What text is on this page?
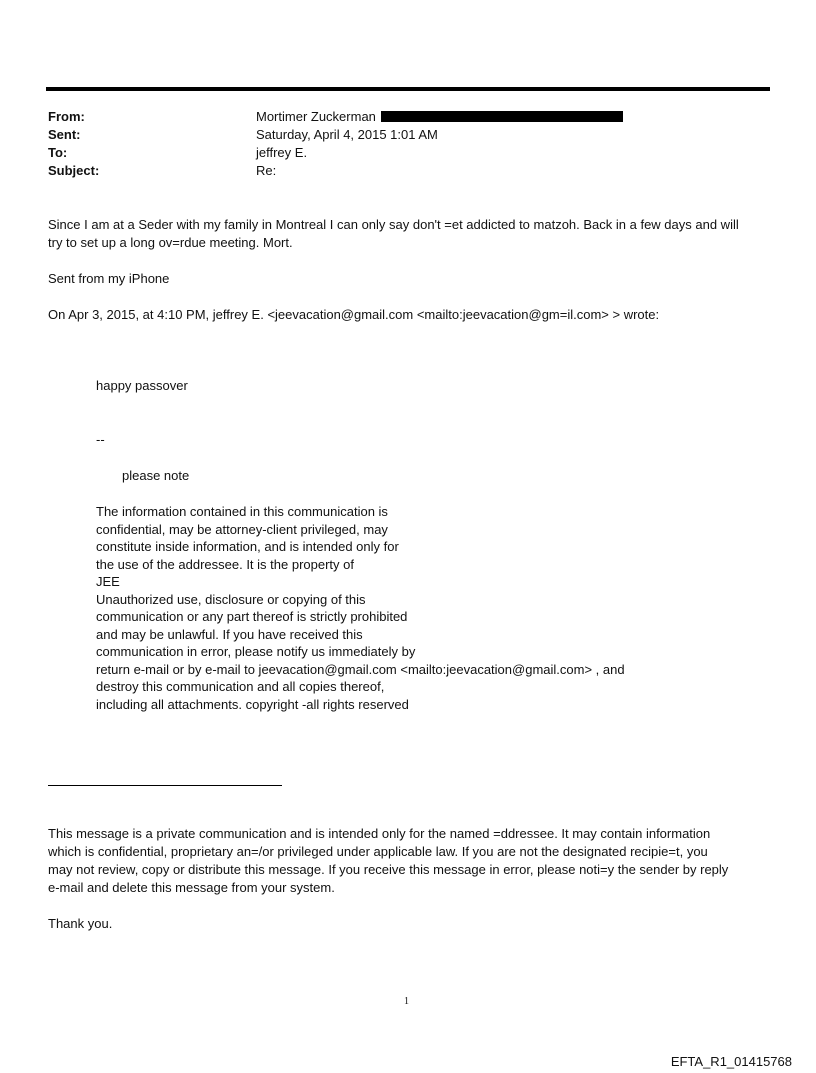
From:	Mortimer Zuckerman
Sent:	Saturday, April 4, 2015 1:01 AM
To:	jeffrey E.
Subject:	Re:
Since I am at a Seder with my family in Montreal I can only say don't =et addicted to matzoh. Back in a few days and will
try to set up a long ov=rdue meeting. Mort.
Sent from my iPhone
On Apr 3, 2015, at 4:10 PM, jeffrey E. <jeevacation@gmail.com <mailto:jeevacation@gm=il.com> > wrote:
happy passover
--
please note
The information contained in this communication is
confidential, may be attorney-client privileged, may
constitute inside information, and is intended only for
the use of the addressee. It is the property of
JEE
Unauthorized use, disclosure or copying of this
communication or any part thereof is strictly prohibited
and may be unlawful. If you have received this
communication in error, please notify us immediately by
return e-mail or by e-mail to jeevacation@gmail.com <mailto:jeevacation@gmail.com> , and
destroy this communication and all copies thereof,
including all attachments. copyright -all rights reserved
This message is a private communication and is intended only for the named =ddressee. It may contain information
which is confidential, proprietary an=/or privileged under applicable law. If you are not the designated recipie=t, you
may not review, copy or distribute this message. If you receive this message in error, please noti=y the sender by reply
e-mail and delete this message from your system.
Thank you.
1
EFTA_R1_01415768
